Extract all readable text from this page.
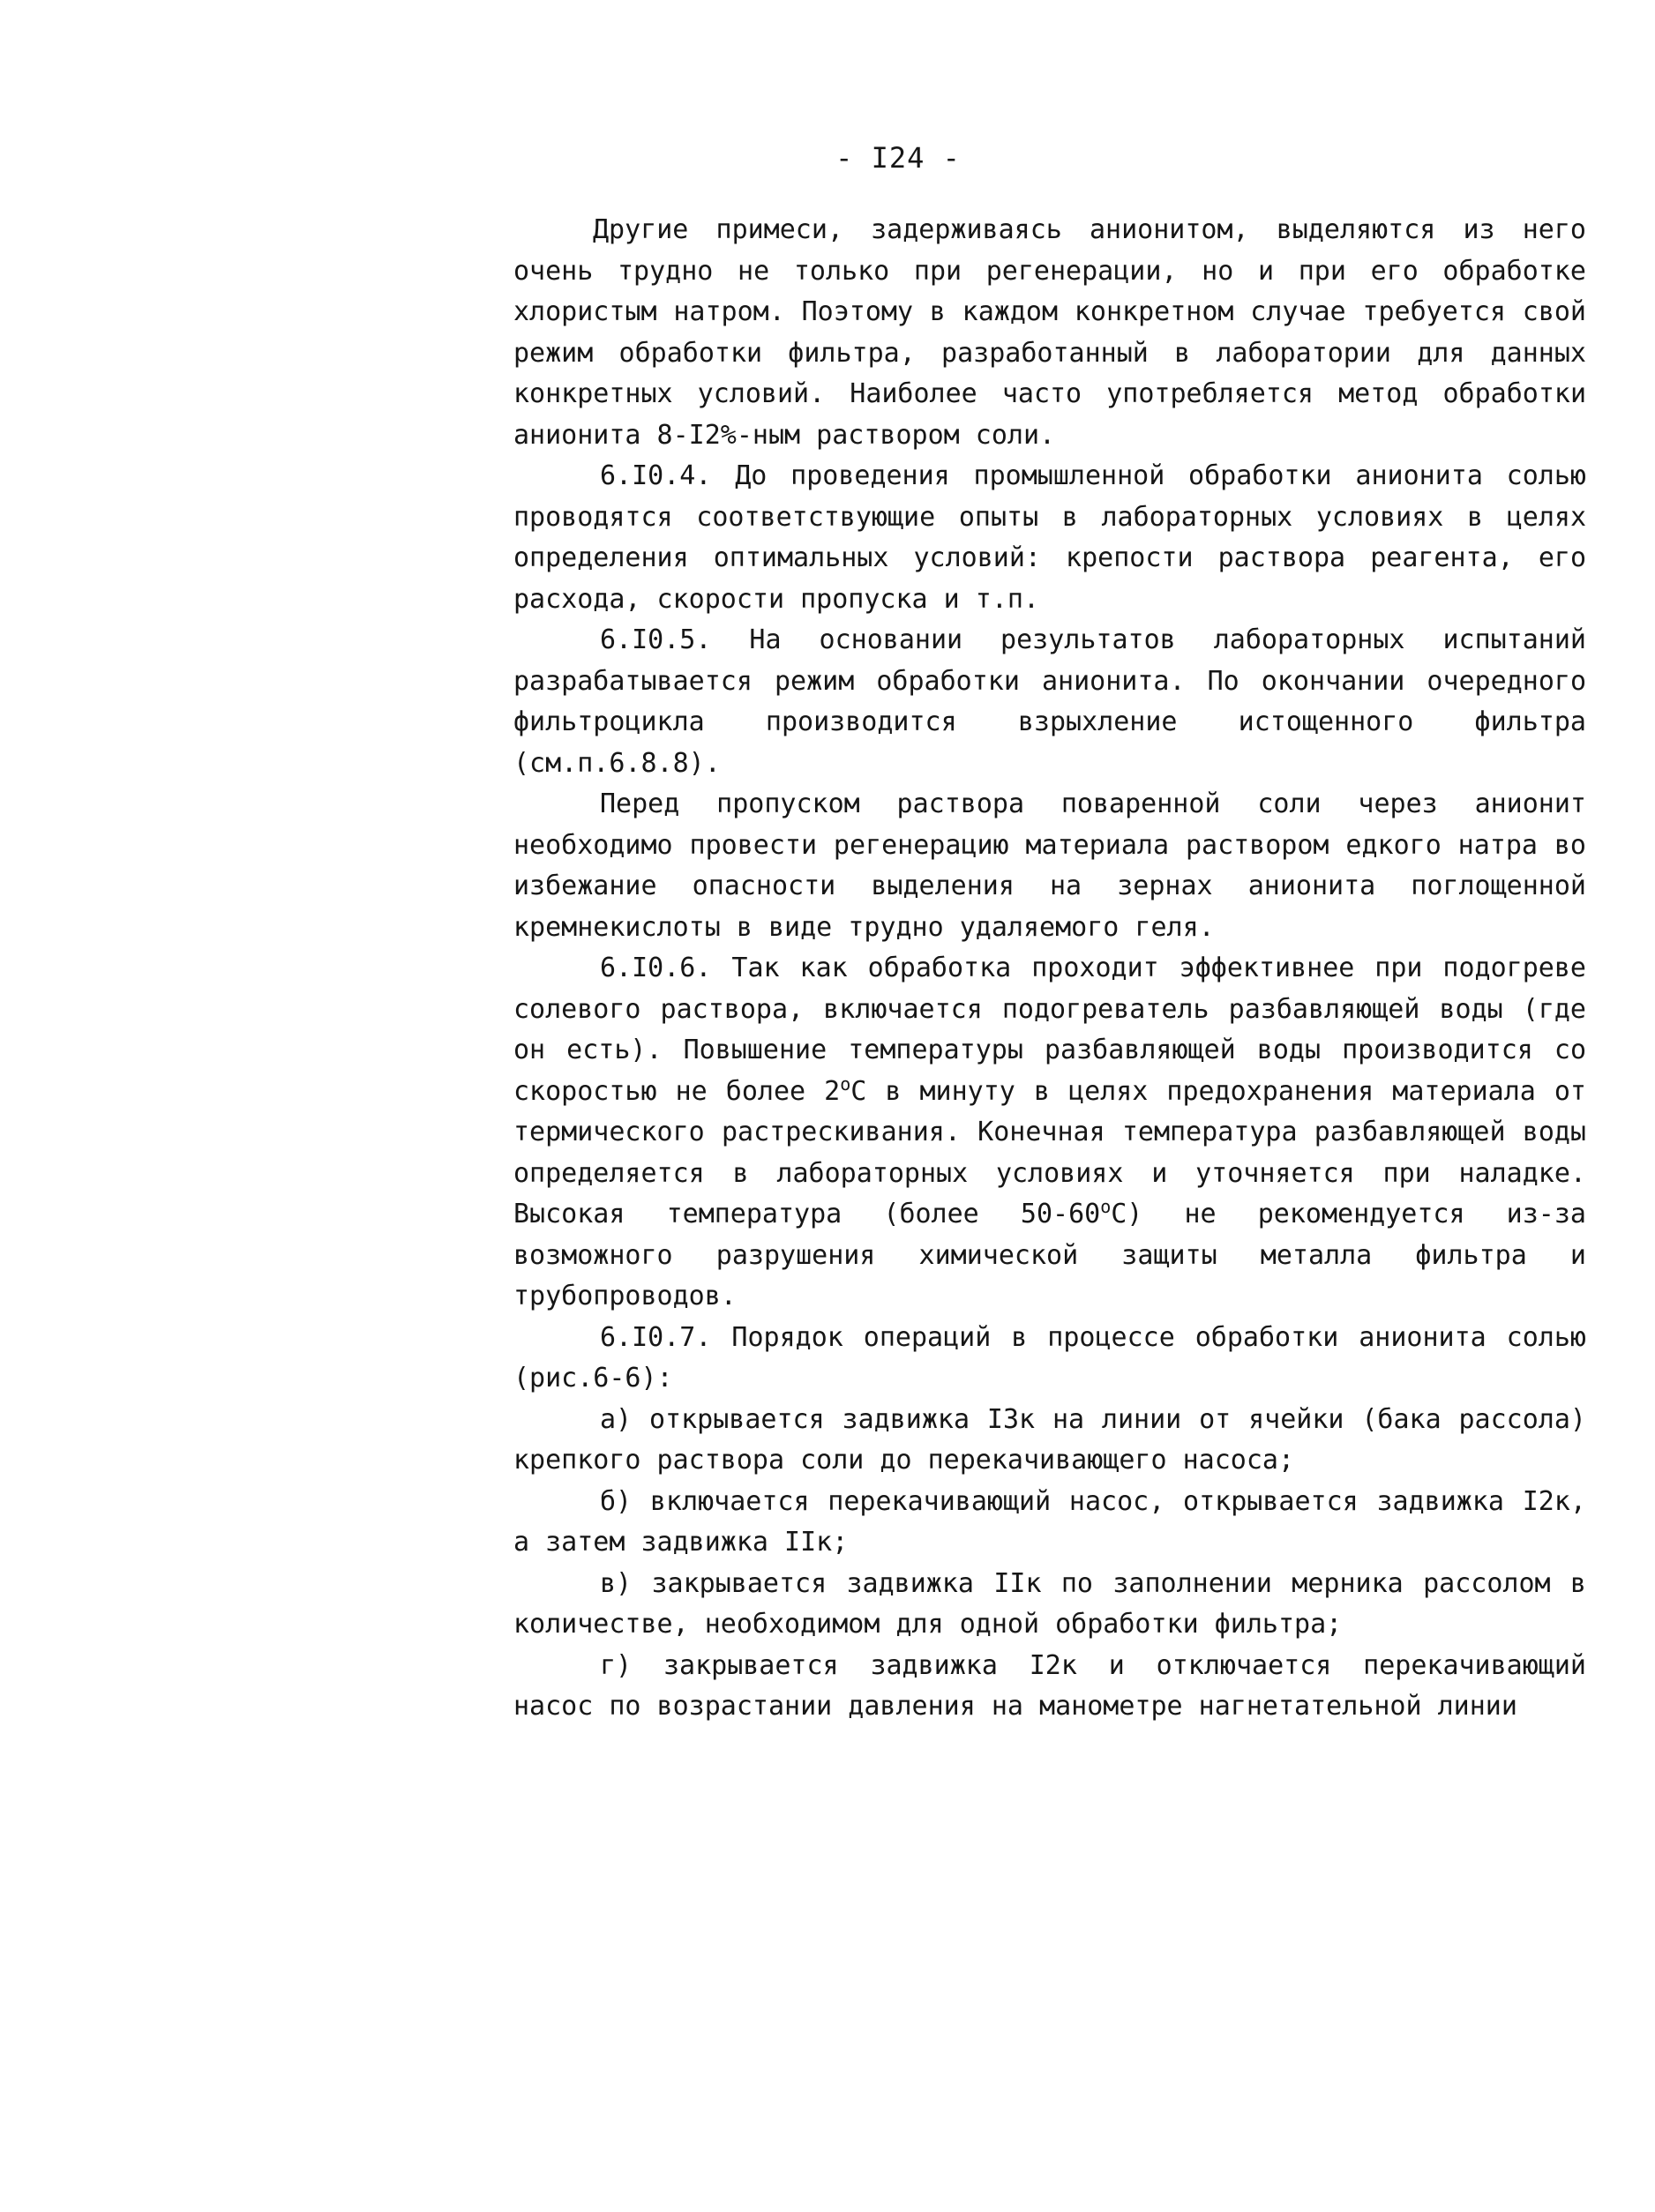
- I24 -

Другие примеси, задерживаясь анионитом, выделяются из него очень трудно не только при регенерации, но и при его обработке хлористым натром. Поэтому в каждом конкретном случае требуется свой режим обработки фильтра, разработанный в лаборатории для данных конкретных условий. Наиболее часто употребляется метод обработки анионита 8-I2%-ным раствором соли.

6.I0.4. До проведения промышленной обработки анионита солью проводятся соответствующие опыты в лабораторных условиях в целях определения оптимальных условий: крепости раствора реагента, его расхода, скорости пропуска и т.п.

6.I0.5. На основании результатов лабораторных испытаний разрабатывается режим обработки анионита. По окончании очередного фильтроцикла производится взрыхление истощенного фильтра (см.п.6.8.8).

Перед пропуском раствора поваренной соли через анионит необходимо провести регенерацию материала раствором едкого натра во избежание опасности выделения на зернах анионита поглощенной кремнекислоты в виде трудно удаляемого геля.

6.I0.6. Так как обработка проходит эффективнее при подогреве солевого раствора, включается подогреватель разбавляющей воды (где он есть). Повышение температуры разбавляющей воды производится со скоростью не более 2$^o$C в минуту в целях предохранения материала от термического растрескивания. Конечная температура разбавляющей воды определяется в лабораторных условиях и уточняется при наладке. Высокая температура (более 50-60$^o$C) не рекомендуется из-за возможного разрушения химической защиты металла фильтра и трубопроводов.

6.I0.7. Порядок операций в процессе обработки анионита солью (рис.6-6):

а) открывается задвижка I3к на линии от ячейки (бака рассола) крепкого раствора соли до перекачивающего насоса;

б) включается перекачивающий насос, открывается задвижка I2к, а затем задвижка IIк;

в) закрывается задвижка IIк по заполнении мерника рассолом в количестве, необходимом для одной обработки фильтра;

г) закрывается задвижка I2к и отключается перекачивающий насос по возрастании давления на манометре нагнетательной линии
